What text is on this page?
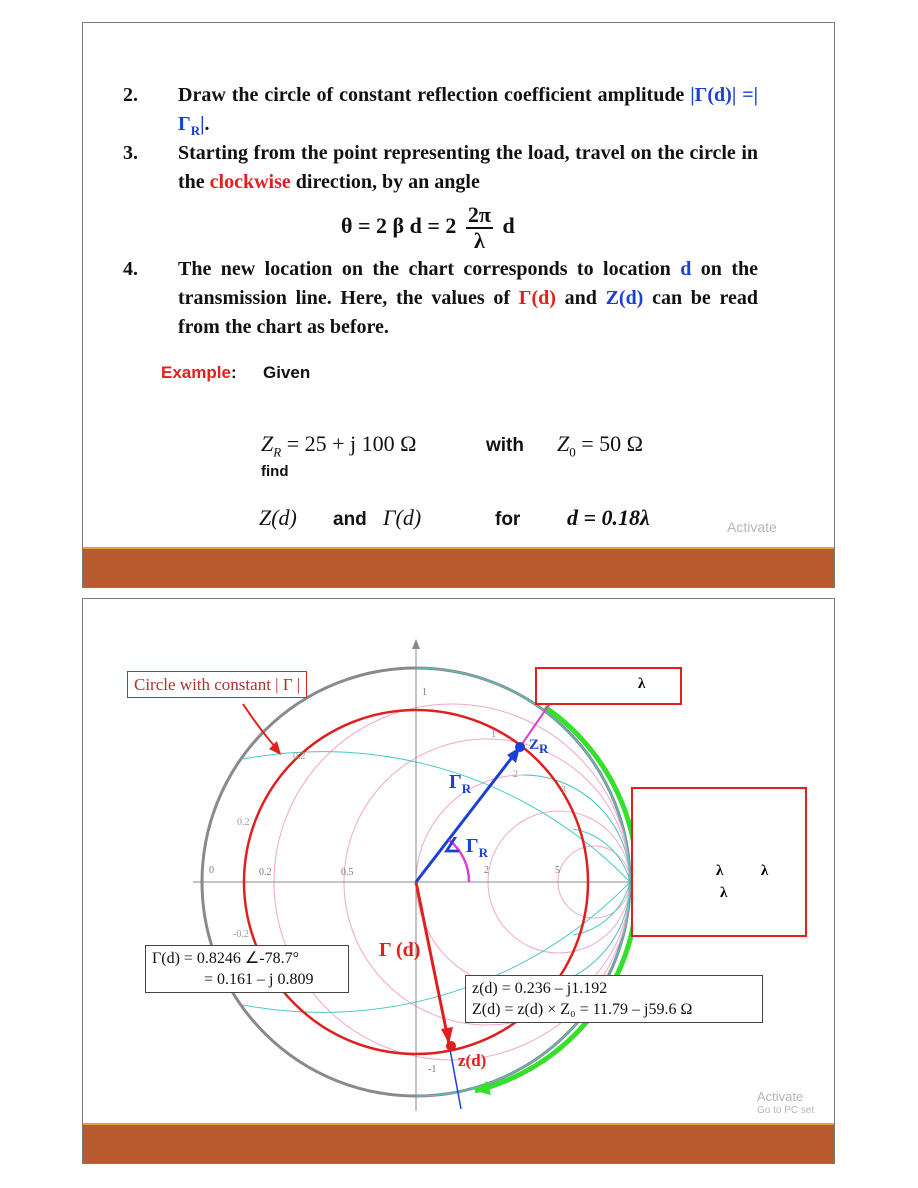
2. Draw the circle of constant reflection coefficient amplitude $|\Gamma(d)| =|\Gamma_R|$.
3. Starting from the point representing the load, travel on the circle in the clockwise direction, by an angle
θ = 2 β $d = 2 \frac{2\pi}{\lambda}$ d
4. The new location on the chart corresponds to location d on the transmission line. Here, the values of Γ(d) and Z(d) can be read from the chart as before.
Example: Given
$Z_R = 25 + j$ 100 Ω	with $Z_0 = 50$ Ω
find
Z(d) and Γ(d)	for d = 0.18λ	Activate
0	0.2	0.5
1
2	5
-1
0.2
0.2
-0.2
1
2
3
Circle with constant | Γ |	λ
λ          λ
λ
$\Gamma_R$
∠ $\Gamma_R$
$Z_R$
Γ (d)
z(d)
Γ(d) = 0.8246 ∠-78.7°
= 0.161 – j 0.809
z(d) = 0.236 – j1.192
Z(d) = z(d) × Z₀ = 11.79 – j59.6 Ω
Activate
Go to PC set
